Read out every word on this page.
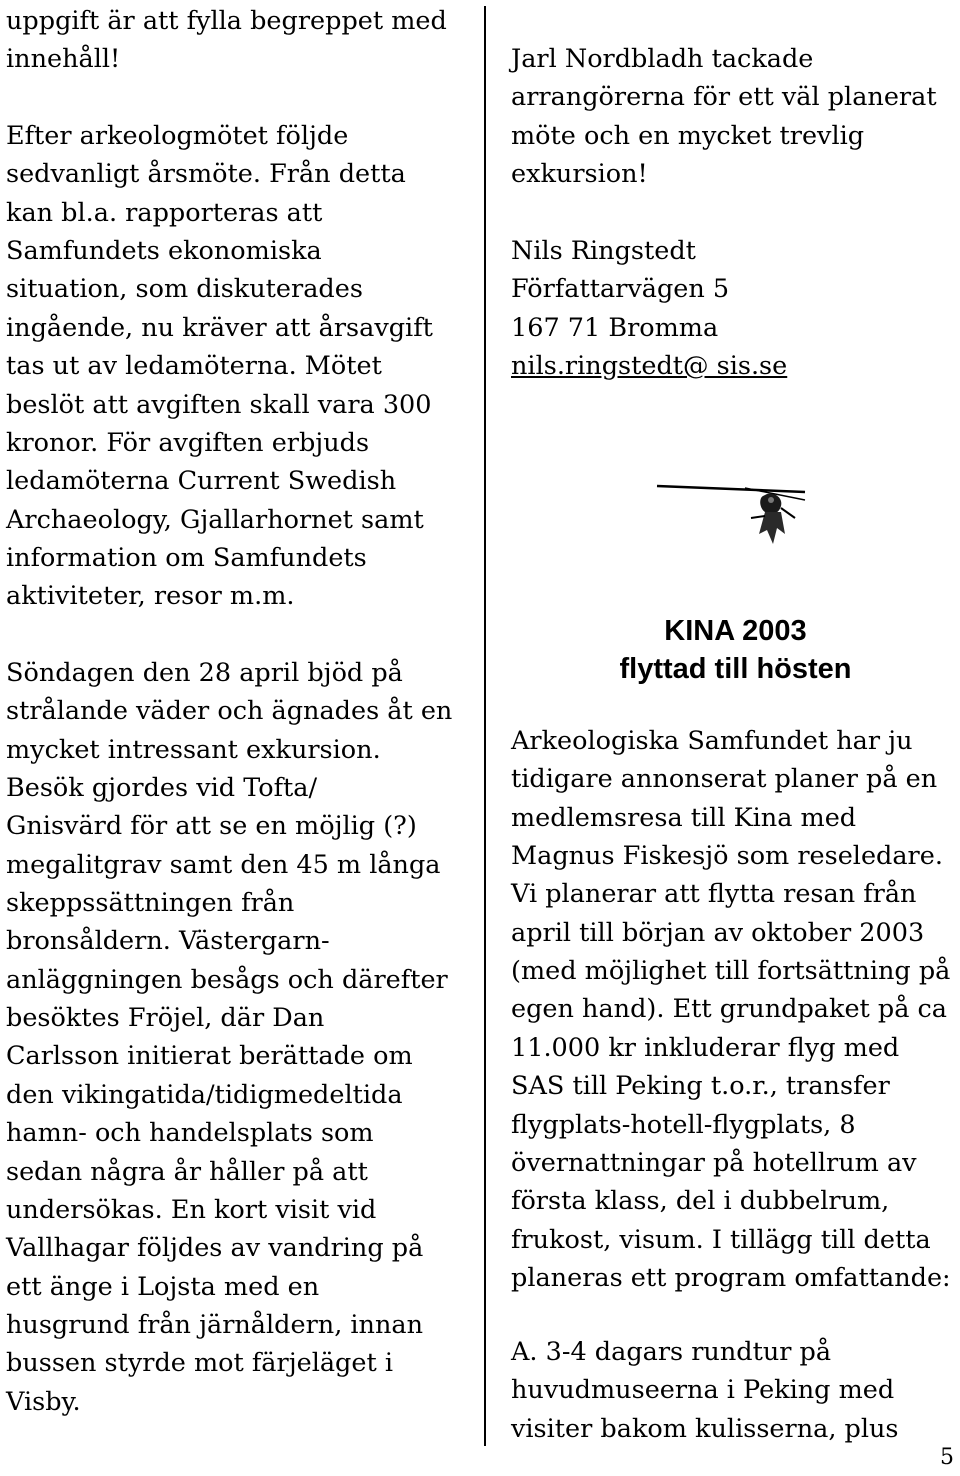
uppgift är att fylla begreppet med
innehåll!
Efter arkeologmötet följde
sedvanligt årsmöte. Från detta
kan bl.a. rapporteras att
Samfundets ekonomiska
situation, som diskuterades
ingående, nu kräver att årsavgift
tas ut av ledamöterna. Mötet
beslöt att avgiften skall vara 300
kronor. För avgiften erbjuds
ledamöterna Current Swedish
Archaeology, Gjallarhornet samt
information om Samfundets
aktiviteter, resor m.m.
Söndagen den 28 april bjöd på
strålande väder och ägnades åt en
mycket intressant exkursion.
Besök gjordes vid Tofta/
Gnisvärd för att se en möjlig (?)
megalitgrav samt den 45 m långa
skeppssättningen från
bronsåldern. Västergarn-
anläggningen besågs och därefter
besöktes Fröjel, där Dan
Carlsson initierat berättade om
den vikingatida/tidigmedeltida
hamn- och handelsplats som
sedan några år håller på att
undersökas. En kort visit vid
Vallhagar följdes av vandring på
ett änge i Lojsta med en
husgrund från järnåldern, innan
bussen styrde mot färjeläget i
Visby.
Jarl Nordbladh tackade
arrangörerna för ett väl planerat
möte och en mycket trevlig
exkursion!
Nils Ringstedt
Författarvägen 5
167 71 Bromma
nils.ringstedt@ sis.se
Arkeologiska Samfundet har ju
tidigare annonserat planer på en
medlemsresa till Kina med
Magnus Fiskesjö som reseledare.
Vi planerar att flytta resan från
april till början av oktober 2003
(med möjlighet till fortsättning på
egen hand). Ett grundpaket på ca
11.000 kr inkluderar flyg med
SAS till Peking t.o.r., transfer
flygplats-hotell-flygplats, 8
övernattningar på hotellrum av
första klass, del i dubbelrum,
frukost, visum. I tillägg till detta
planeras ett program omfattande:
A. 3-4 dagars rundtur på
huvudmuseerna i Peking med
visiter bakom kulisserna, plus
KINA 2003
flyttad till hösten
5
